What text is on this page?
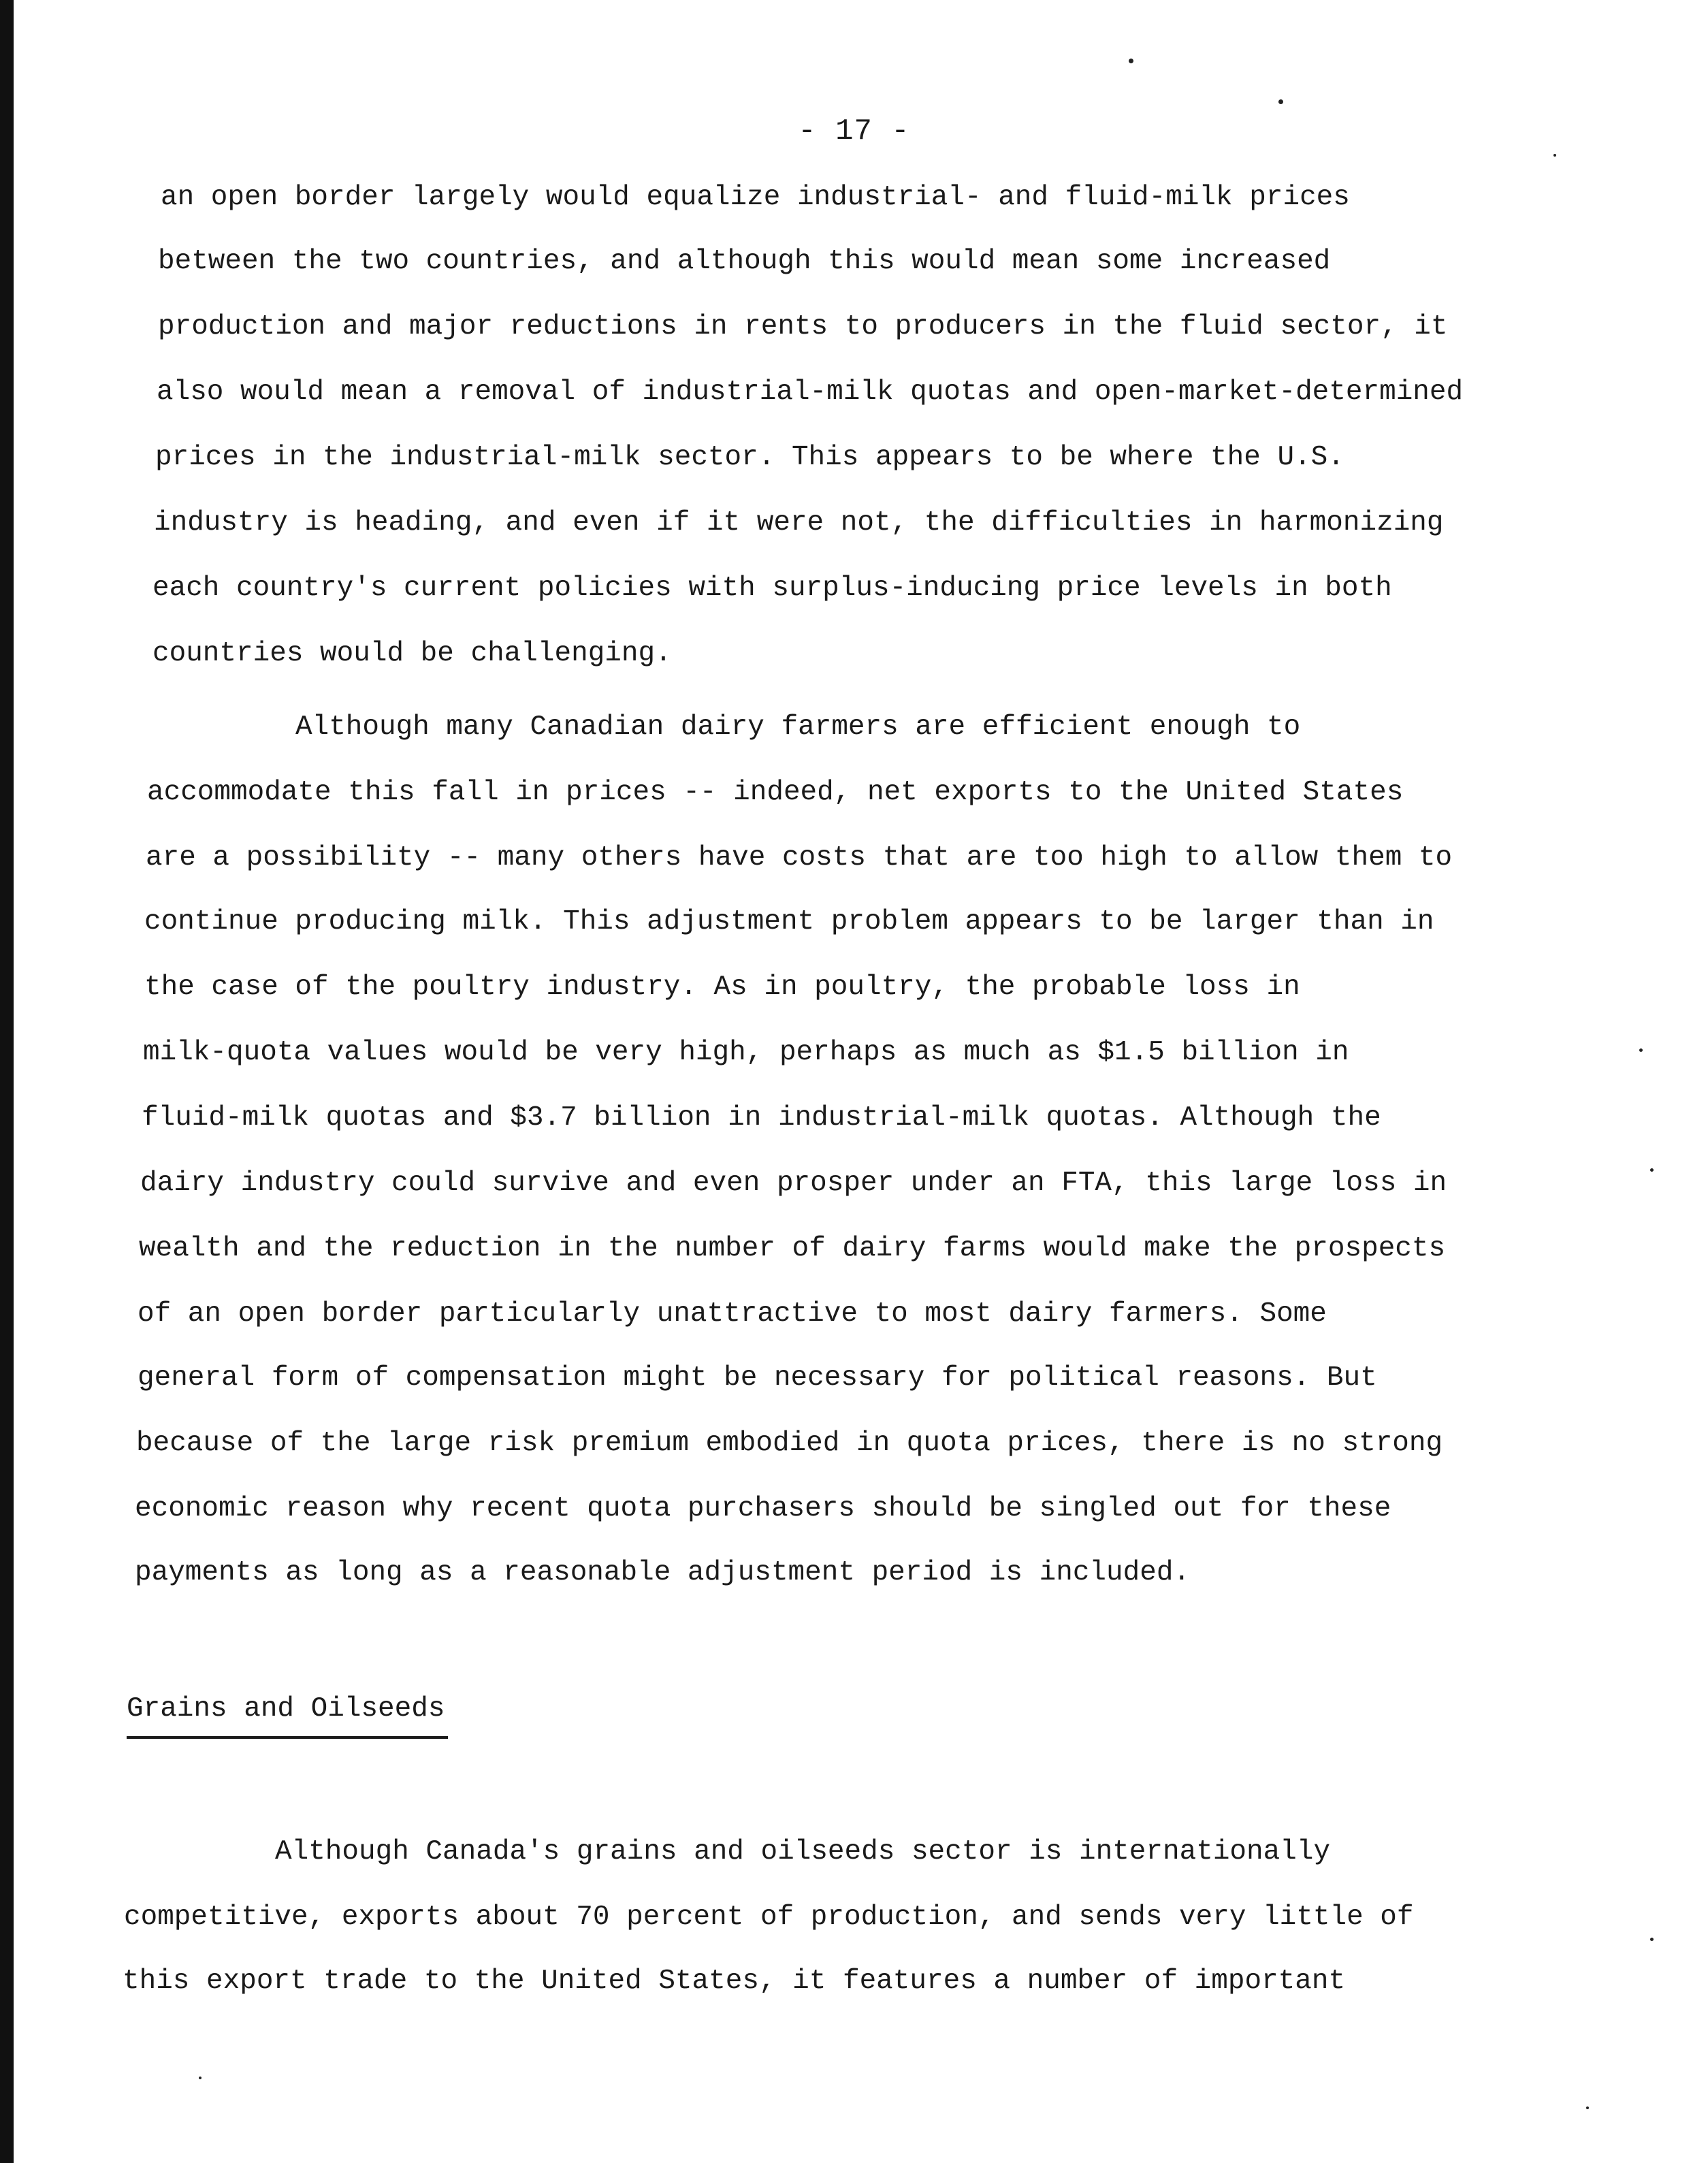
- 17 -
an open border largely would equalize industrial- and fluid-milk prices
between the two countries, and although this would mean some increased
production and major reductions in rents to producers in the fluid sector, it
also would mean a removal of industrial-milk quotas and open-market-determined
prices in the industrial-milk sector. This appears to be where the U.S.
industry is heading, and even if it were not, the difficulties in harmonizing
each country's current policies with surplus-inducing price levels in both
countries would be challenging.
Although many Canadian dairy farmers are efficient enough to
accommodate this fall in prices -- indeed, net exports to the United States
are a possibility -- many others have costs that are too high to allow them to
continue producing milk. This adjustment problem appears to be larger than in
the case of the poultry industry. As in poultry, the probable loss in
milk-quota values would be very high, perhaps as much as $1.5 billion in
fluid-milk quotas and $3.7 billion in industrial-milk quotas. Although the
dairy industry could survive and even prosper under an FTA, this large loss in
wealth and the reduction in the number of dairy farms would make the prospects
of an open border particularly unattractive to most dairy farmers. Some
general form of compensation might be necessary for political reasons. But
because of the large risk premium embodied in quota prices, there is no strong
economic reason why recent quota purchasers should be singled out for these
payments as long as a reasonable adjustment period is included.
Grains and Oilseeds
Although Canada's grains and oilseeds sector is internationally
competitive, exports about 70 percent of production, and sends very little of
this export trade to the United States, it features a number of important
